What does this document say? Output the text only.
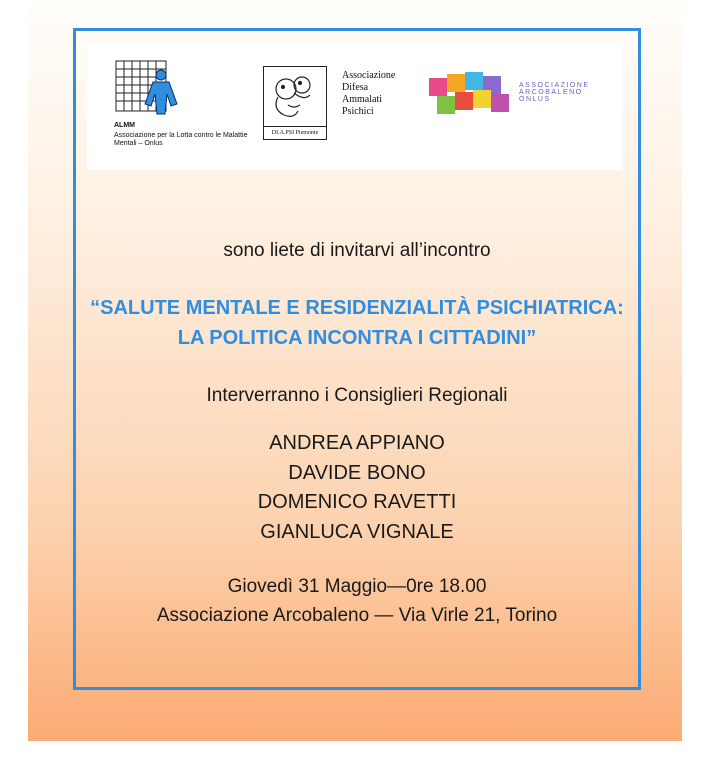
ALMM
Associazione per la Lotta contro le Malattie Mentali – Onlus
DI.A.PSI Piemonte
Associazione
Difesa
Ammalati
Psichici
ASSOCIAZIONE
ARCOBALENO
ONLUS
sono liete di invitarvi all’incontro
“SALUTE MENTALE E RESIDENZIALITÀ PSICHIATRICA:
LA POLITICA INCONTRA I CITTADINI”
Interverranno i Consiglieri Regionali
ANDREA APPIANO
DAVIDE BONO
DOMENICO RAVETTI
GIANLUCA VIGNALE
Giovedì 31 Maggio—0re 18.00
Associazione Arcobaleno — Via Virle 21, Torino
